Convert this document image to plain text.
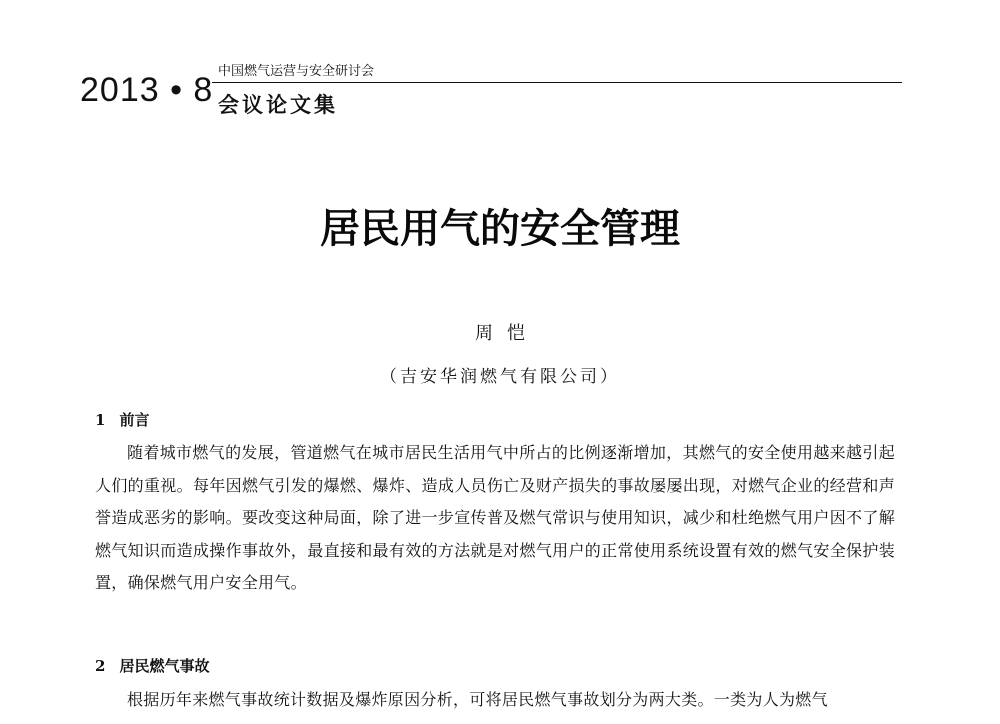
2013 • 8 中国燃气运营与安全研讨会
会议论文集
居民用气的安全管理
周恺
（吉安华润燃气有限公司）
1 前言
随着城市燃气的发展，管道燃气在城市居民生活用气中所占的比例逐渐增加，其燃气的安全使用越来越引起人们的重视。每年因燃气引发的爆燃、爆炸、造成人员伤亡及财产损失的事故屡屡出现，对燃气企业的经营和声誉造成恶劣的影响。要改变这种局面，除了进一步宣传普及燃气常识与使用知识，减少和杜绝燃气用户因不了解燃气知识而造成操作事故外，最直接和最有效的方法就是对燃气用户的正常使用系统设置有效的燃气安全保护装置，确保燃气用户安全用气。
2 居民燃气事故
根据历年来燃气事故统计数据及爆炸原因分析，可将居民燃气事故划分为两大类。一类为人为燃气
